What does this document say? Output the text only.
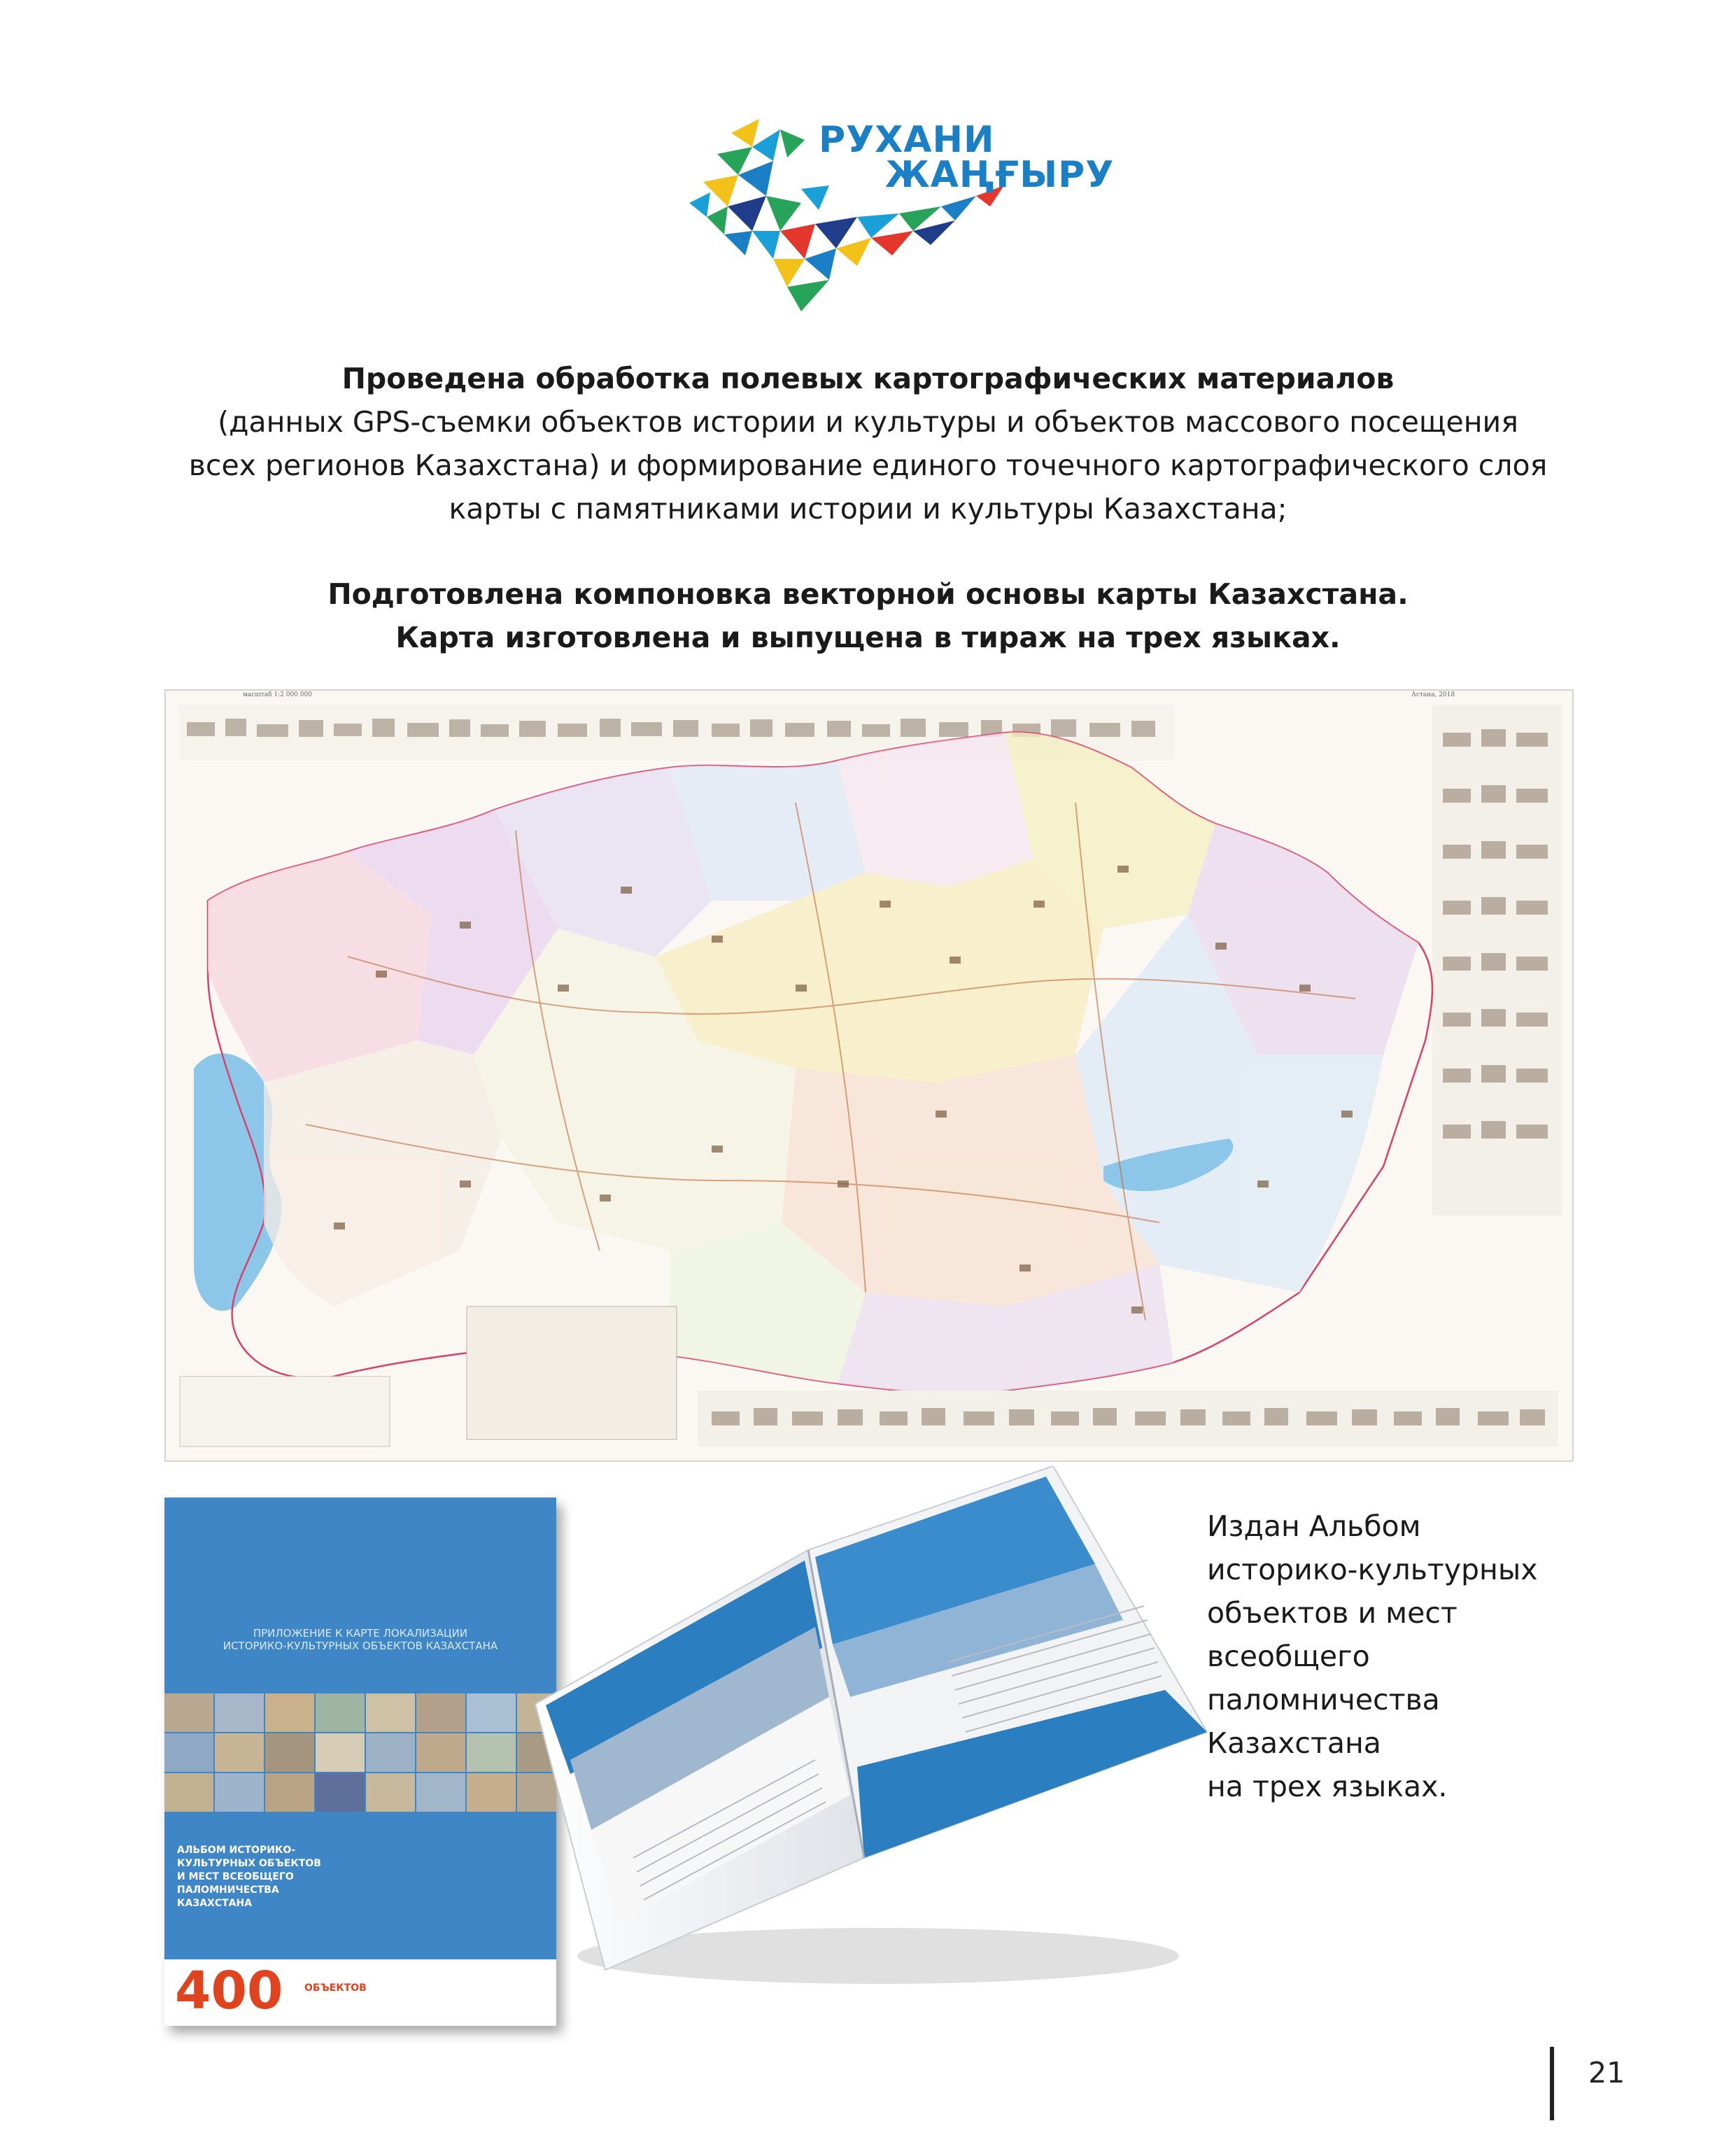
РУХАНИ
ЖАҢҒЫРУ
Проведена обработка полевых картографических материалов
(данных GPS-съемки объектов истории и культуры и объектов массового посещения
всех регионов Казахстана) и формирование единого точечного картографического слоя
карты с памятниками истории и культуры Казахстана;
Подготовлена компоновка векторной основы карты Казахстана.
Карта изготовлена и выпущена в тираж на трех языках.
масштаб 1:2 000 000	Астана, 2018
ПРИЛОЖЕНИЕ К КАРТЕ ЛОКАЛИЗАЦИИ
ИСТОРИКО-КУЛЬТУРНЫХ ОБЪЕКТОВ КАЗАХСТАНА
АЛЬБОМ ИСТОРИКО-
КУЛЬТУРНЫХ ОБЪЕКТОВ
И МЕСТ ВСЕОБЩЕГО
ПАЛОМНИЧЕСТВА
КАЗАХСТАНА
400 ОБЪЕКТОВ
Издан Альбом
историко-культурных
объектов и мест
всеобщего
паломничества
Казахстана
на трех языках.
21
